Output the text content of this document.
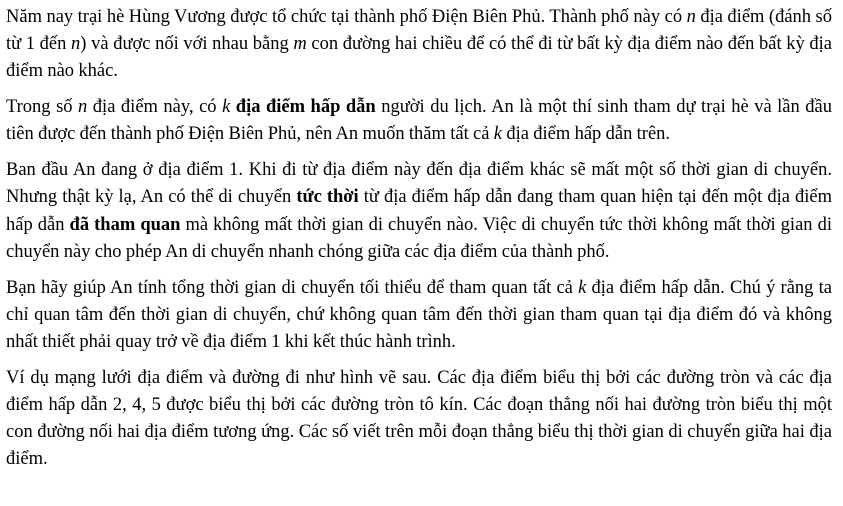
Năm nay trại hè Hùng Vương được tổ chức tại thành phố Điện Biên Phủ. Thành phố này có n địa điểm (đánh số từ 1 đến n) và được nối với nhau bằng m con đường hai chiều để có thể đi từ bất kỳ địa điểm nào đến bất kỳ địa điểm nào khác.

Trong số n địa điểm này, có k địa điểm hấp dẫn người du lịch. An là một thí sinh tham dự trại hè và lần đầu tiên được đến thành phố Điện Biên Phủ, nên An muốn thăm tất cả k địa điểm hấp dẫn trên.

Ban đầu An đang ở địa điểm 1. Khi đi từ địa điểm này đến địa điểm khác sẽ mất một số thời gian di chuyển. Nhưng thật kỳ lạ, An có thể di chuyển tức thời từ địa điểm hấp dẫn đang tham quan hiện tại đến một địa điểm hấp dẫn đã tham quan mà không mất thời gian di chuyển nào. Việc di chuyển tức thời không mất thời gian di chuyển này cho phép An di chuyển nhanh chóng giữa các địa điểm của thành phố.

Bạn hãy giúp An tính tổng thời gian di chuyển tối thiểu để tham quan tất cả k địa điểm hấp dẫn. Chú ý rằng ta chỉ quan tâm đến thời gian di chuyển, chứ không quan tâm đến thời gian tham quan tại địa điểm đó và không nhất thiết phải quay trở về địa điểm 1 khi kết thúc hành trình.

Ví dụ mạng lưới địa điểm và đường đi như hình vẽ sau. Các địa điểm biểu thị bởi các đường tròn và các địa điểm hấp dẫn 2, 4, 5 được biểu thị bởi các đường tròn tô kín. Các đoạn thẳng nối hai đường tròn biểu thị một con đường nối hai địa điểm tương ứng. Các số viết trên mỗi đoạn thẳng biểu thị thời gian di chuyển giữa hai địa điểm.
